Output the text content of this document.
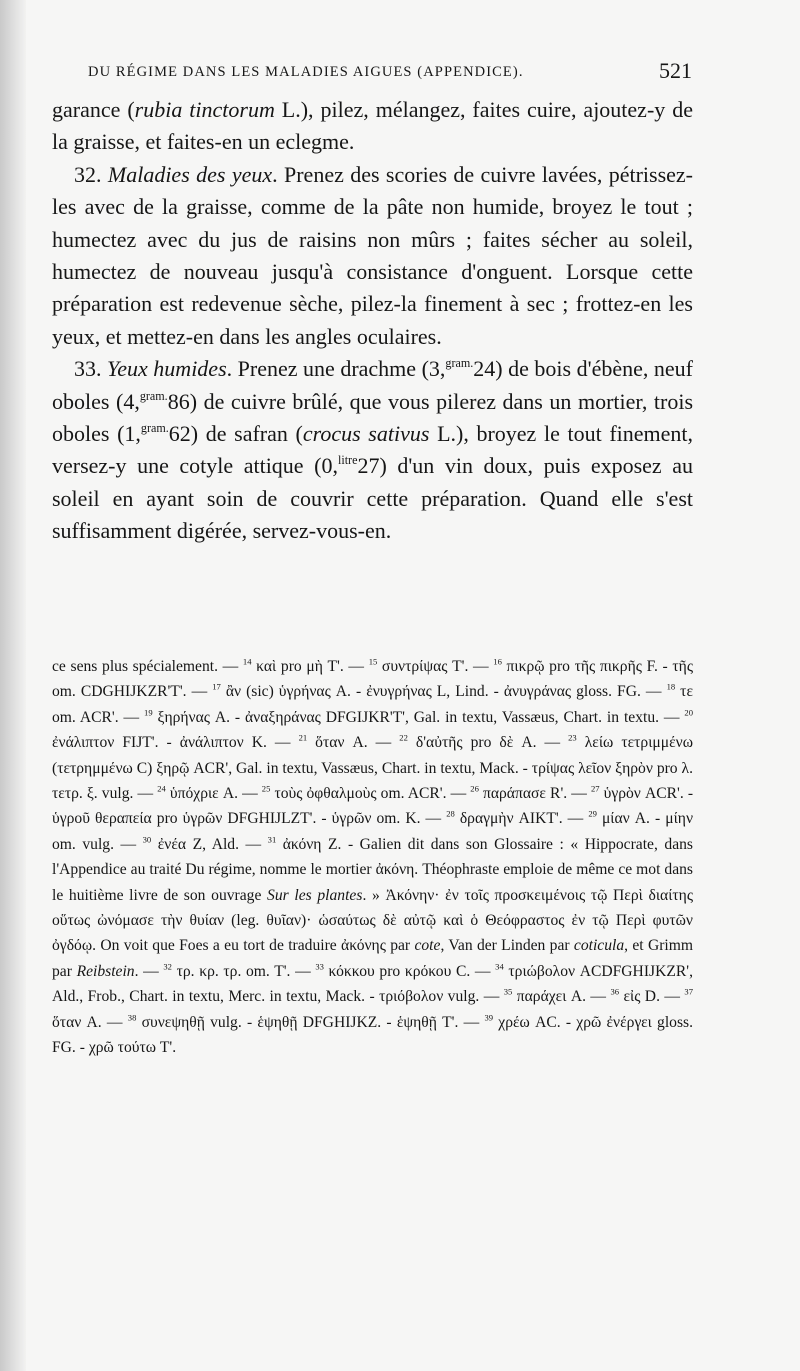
DU RÉGIME DANS LES MALADIES AIGUES (APPENDICE).	521

garance (rubia tinctorum L.), pilez, mélangez, faites cuire, ajoutez-y de la graisse, et faites-en un eclegme.

32. Maladies des yeux. Prenez des scories de cuivre lavées, pétrissez-les avec de la graisse, comme de la pâte non humide, broyez le tout ; humectez avec du jus de raisins non mûrs ; faites sécher au soleil, humectez de nouveau jusqu'à consistance d'onguent. Lorsque cette préparation est redevenue sèche, pilez-la finement à sec ; frottez-en les yeux, et mettez-en dans les angles oculaires.

33. Yeux humides. Prenez une drachme (3,$^{gram.}$24) de bois d'ébène, neuf oboles (4,$^{gram.}$86) de cuivre brûlé, que vous pilerez dans un mortier, trois oboles (1,$^{gram.}$62) de safran (crocus sativus L.), broyez le tout finement, versez-y une cotyle attique (0,$^{litre}$27) d'un vin doux, puis exposez au soleil en ayant soin de couvrir cette préparation. Quand elle s'est suffisamment digérée, servez-vous-en.

ce sens plus spécialement. — $^{14}$ καὶ pro μὴ T'. — $^{15}$ συντρίψας T'. — $^{16}$ πικρῷ pro τῆς πικρῆς F. - τῆς om. CDGHIJKZR'T'. — $^{17}$ ἂν (sic) ὑγρήνας A. - ἐνυγρήνας L, Lind. - ἀνυγράνας gloss. FG. — $^{18}$ τε om. ACR'. — $^{19}$ ξηρήνας A. - ἀναξηράνας DFGIJKR'T', Gal. in textu, Vassæus, Chart. in textu. — $^{20}$ ἐνάλιπτον FIJT'. - ἀνάλιπτον K. — $^{21}$ ὅταν A. — $^{22}$ δ'αὐτῆς pro δὲ A. — $^{23}$ λείω τετριμμένω (τετρημμένω C) ξηρῷ ACR', Gal. in textu, Vassæus, Chart. in textu, Mack. - τρίψας λεῖον ξηρὸν pro λ. τετρ. ξ. vulg. — $^{24}$ ὑπόχριε A. — $^{25}$ τοὺς ὀφθαλμοὺς om. ACR'. — $^{26}$ παράπασε R'. — $^{27}$ ὑγρὸν ACR'. - ὑγροῦ θεραπεία pro ὑγρῶν DFGHIJLZT'. - ὑγρῶν om. K. — $^{28}$ δραγμὴν AIKT'. — $^{29}$ μίαν A. - μίην om. vulg. — $^{30}$ ἐνέα Z, Ald. — $^{31}$ ἀκόνη Z. - Galien dit dans son Glossaire : « Hippocrate, dans l'Appendice au traité Du régime, nomme le mortier ἀκόνη. Théophraste emploie de même ce mot dans le huitième livre de son ouvrage Sur les plantes. » Ἀκόνην· ἐν τοῖς προσκειμένοις τῷ Περὶ διαίτης οὕτως ὠνόμασε τὴν θυίαν (leg. θυῖαν)· ὡσαύτως δὲ αὐτῷ καὶ ὁ Θεόφραστος ἐν τῷ Περὶ φυτῶν ὀγδόῳ. On voit que Foes a eu tort de traduire ἀκόνης par cote, Van der Linden par coticula, et Grimm par Reibstein. — $^{32}$ τρ. κρ. τρ. om. T'. — $^{33}$ κόκκου pro κρόκου C. — $^{34}$ τριώβολον ACDFGHIJKZR', Ald., Frob., Chart. in textu, Merc. in textu, Mack. - τριόβολον vulg. — $^{35}$ παράχει A. — $^{36}$ εἰς D. — $^{37}$ ὅταν A. — $^{38}$ συνεψηθῇ vulg. - ἑψηθῇ DFGHIJKZ. - ἑψηθῇ T'. — $^{39}$ χρέω AC. - χρῶ ἐνέργει gloss. FG. - χρῶ τούτω T'.
